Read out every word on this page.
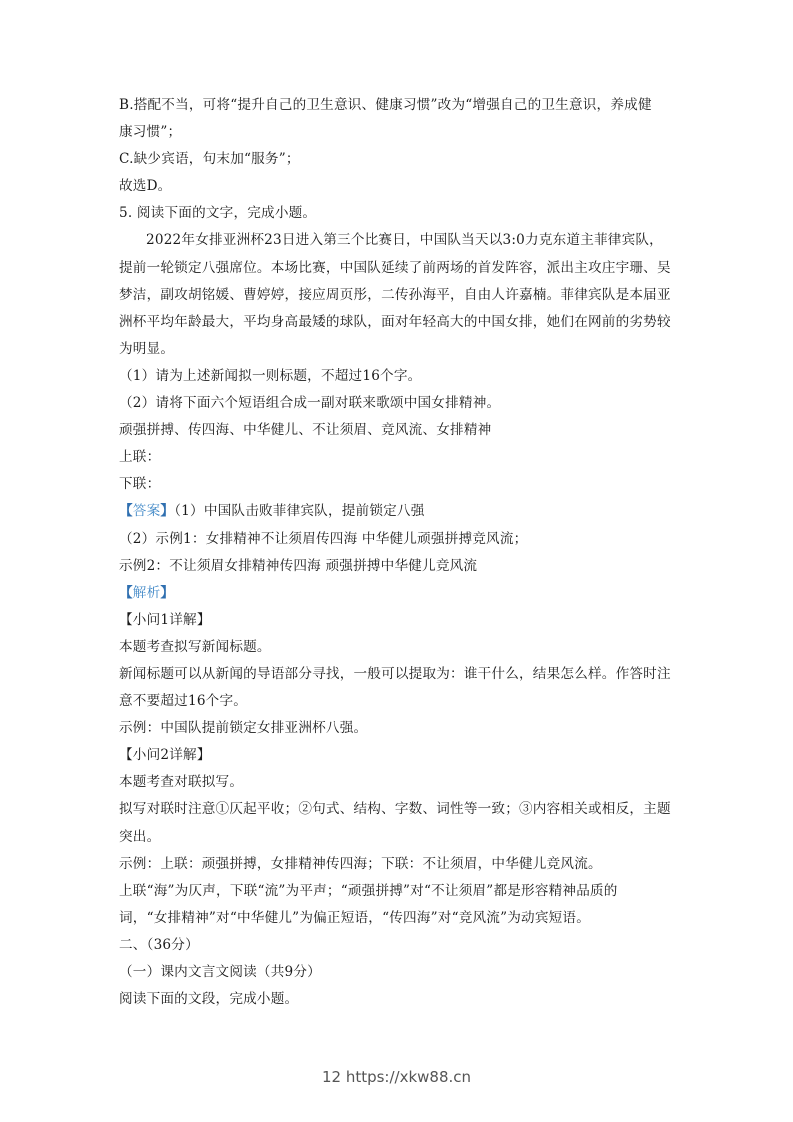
B.搭配不当，可将“提升自己的卫生意识、健康习惯”改为“增强自己的卫生意识，养成健
康习惯”；
C.缺少宾语，句末加“服务”；
故选D。
5. 阅读下面的文字，完成小题。
2022年女排亚洲杯23日进入第三个比赛日，中国队当天以3:0力克东道主菲律宾队，
提前一轮锁定八强席位。本场比赛，中国队延续了前两场的首发阵容，派出主攻庄宇珊、吴
梦洁，副攻胡铭媛、曹婷婷，接应周页彤，二传孙海平，自由人许嘉楠。菲律宾队是本届亚
洲杯平均年龄最大，平均身高最矮的球队，面对年轻高大的中国女排，她们在网前的劣势较
为明显。
（1）请为上述新闻拟一则标题，不超过16个字。
（2）请将下面六个短语组合成一副对联来歌颂中国女排精神。
顽强拼搏、传四海、中华健儿、不让须眉、竞风流、女排精神
上联：
下联：
【答案】（1）中国队击败菲律宾队，提前锁定八强
（2）示例1：女排精神不让须眉传四海 中华健儿顽强拼搏竞风流；
示例2：不让须眉女排精神传四海 顽强拼搏中华健儿竞风流
【解析】
【小问1详解】
本题考查拟写新闻标题。
新闻标题可以从新闻的导语部分寻找，一般可以提取为：谁干什么，结果怎么样。作答时注
意不要超过16个字。
示例：中国队提前锁定女排亚洲杯八强。
【小问2详解】
本题考查对联拟写。
拟写对联时注意①仄起平收；②句式、结构、字数、词性等一致；③内容相关或相反，主题
突出。
示例：上联：顽强拼搏，女排精神传四海；下联：不让须眉，中华健儿竞风流。
上联“海”为仄声，下联“流”为平声；“顽强拼搏”对“不让须眉”都是形容精神品质的
词，“女排精神”对“中华健儿”为偏正短语，“传四海”对“竞风流”为动宾短语。
二、（36分）
（一）课内文言文阅读（共9分）
阅读下面的文段，完成小题。
12 https://xkw88.cn
